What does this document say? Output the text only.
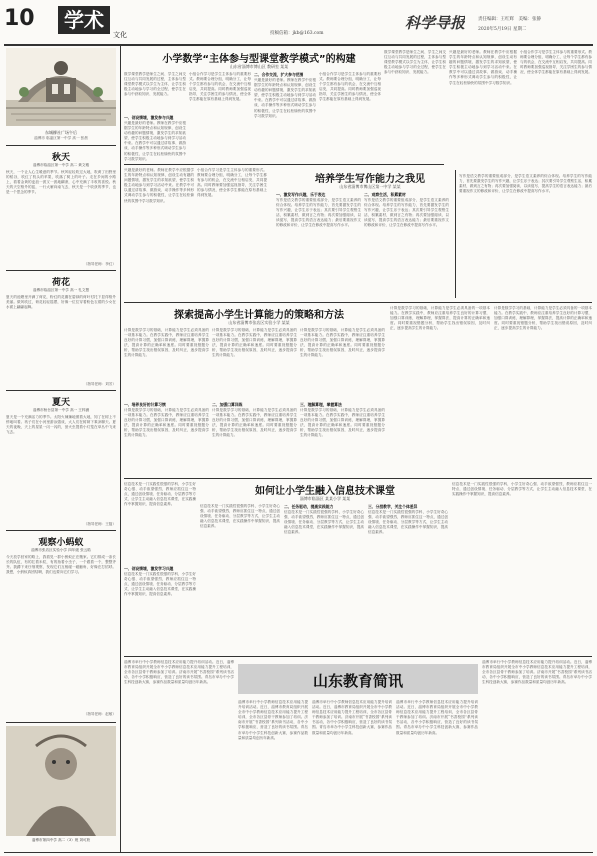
10	学术
文化	投稿信箱：jkb@163.com
科学导报	责任编辑：王红辉　美编：张静
2020年5月19日 星期二
东城柳社广场午后
淄博市 临淄区第一中学 高一 张晨
秋天
淄博市临淄区第一中学 高二 黄文雅
秋天，一个让人心生暖意的季节。秋风轻轻吹过大地，吹黄了田野里的稻谷，吹红了枝头的苹果，吹落了树上的叶子。走在乡间的小路上，看着金黄的麦浪一波又一波地翻滚，心中充满了丰收的喜悦。秋天的天空格外的蓝，一行大雁向南飞去，秋天是一个收获的季节，也是一个思念的季节。
（指导老师：李红）
荷花
淄博市临淄区第一中学 高一 孔文慧
夏天的池塘里开满了荷花，粉红的花瓣在碧绿的荷叶衬托下显得格外美丽。微风吹过，荷花轻轻摇摆，好像一位位穿着粉色衣裙的少女在水面上翩翩起舞。
（指导老师：刘芳）
夏天
淄博市桓台县第一中学 高一 王梓涵
夏天是一个充满活力的季节。太阳火辣辣地照着大地，知了在树上不停地叫着。孩子们在小河里游泳嬉戏，大人们在树荫下乘凉聊天。夏天的夜晚，天上的星星一闪一闪的，萤火虫提着小灯笼在草丛中飞来飞去。
（指导老师：王磊）
观察小蚂蚁
淄博市张店区实验小学 四年级 张云皓
今天放学回家的路上，我看见一群小蚂蚁正在搬家。它们排成一条长长的队伍，有的扛着米粒，有的抬着小虫子，一个跟着一个，整整齐齐。我蹲下来仔细观察，发现它们互相碰一碰触角，好像在打招呼。我想，小蚂蚁真团结啊，我们也要向它们学习。
（指导老师：赵敏）
淄博市第四中学 高二（3）班 刘可欣
小学数学“主体参与型课堂教学模式”的构建
山东省淄博市博山区 教研室 某某
数学课堂教学是师生之间、学生之间交往互动与共同发展的过程，主体参与型课堂教学模式以学生为主体，让学生积极主动地参与学习的全过程，使学生在参与中获取知识、发展能力。
一、创设情境，激发参与兴趣
兴趣是最好的老师。教师在教学中应根据学生的年龄特点和认知规律，创设生动有趣的问题情境，激发学生的求知欲望，使学生积极主动地参与到学习活动中来。在教学中可以通过讲故事、做游戏、动手操作等多种形式调动学生参与的积极性，让学生在轻松愉快的氛围中学习数学知识。
小组合作学习是学生主体参与的重要形式。教师要合理分组，明确分工，让每个学生都有参与的机会，在交流中互相启发，共同提高。同时教师要加强巡视指导，关注学困生的参与情况，使全体学生都能在原有基础上得到发展。
二、合作交流，扩大参与范围
兴趣是最好的老师。教师在教学中应根据学生的年龄特点和认知规律，创设生动有趣的问题情境，激发学生的求知欲望，使学生积极主动地参与到学习活动中来。在教学中可以通过讲故事、做游戏、动手操作等多种形式调动学生参与的积极性，让学生在轻松愉快的氛围中学习数学知识。
小组合作学习是学生主体参与的重要形式。教师要合理分组，明确分工，让每个学生都有参与的机会，在交流中互相启发，共同提高。同时教师要加强巡视指导，关注学困生的参与情况，使全体学生都能在原有基础上得到发展。
数学课堂教学是师生之间、学生之间交往互动与共同发展的过程，主体参与型课堂教学模式以学生为主体，让学生积极主动地参与学习的全过程，使学生在参与中获取知识、发展能力。
兴趣是最好的老师。教师在教学中应根据学生的年龄特点和认知规律，创设生动有趣的问题情境，激发学生的求知欲望，使学生积极主动地参与到学习活动中来。在教学中可以通过讲故事、做游戏、动手操作等多种形式调动学生参与的积极性，让学生在轻松愉快的氛围中学习数学知识。
小组合作学习是学生主体参与的重要形式。教师要合理分组，明确分工，让每个学生都有参与的机会，在交流中互相启发，共同提高。同时教师要加强巡视指导，关注学困生的参与情况，使全体学生都能在原有基础上得到发展。
兴趣是最好的老师。教师在教学中应根据学生的年龄特点和认知规律，创设生动有趣的问题情境，激发学生的求知欲望，使学生积极主动地参与到学习活动中来。在教学中可以通过讲故事、做游戏、动手操作等多种形式调动学生参与的积极性，让学生在轻松愉快的氛围中学习数学知识。
小组合作学习是学生主体参与的重要形式。教师要合理分组，明确分工，让每个学生都有参与的机会，在交流中互相启发，共同提高。同时教师要加强巡视指导，关注学困生的参与情况，使全体学生都能在原有基础上得到发展。
培养学生写作能力之我见
山东省淄博市博山区第一中学 某某
一、激发写作兴趣，乐于表达
写作是语文教学的重要组成部分，是学生语文素养的综合体现。培养学生的写作能力，首先要激发学生的写作兴趣，让学生乐于表达；其次要引导学生观察生活，积累素材，做到言之有物；再次要加强阅读，以读促写，提高学生的语言表达能力；最后要重视作文的修改和评价，让学生在修改中提高写作水平。
二、观察生活，积累素材
写作是语文教学的重要组成部分，是学生语文素养的综合体现。培养学生的写作能力，首先要激发学生的写作兴趣，让学生乐于表达；其次要引导学生观察生活，积累素材，做到言之有物；再次要加强阅读，以读促写，提高学生的语言表达能力；最后要重视作文的修改和评价，让学生在修改中提高写作水平。
写作是语文教学的重要组成部分，是学生语文素养的综合体现。培养学生的写作能力，首先要激发学生的写作兴趣，让学生乐于表达；其次要引导学生观察生活，积累素材，做到言之有物；再次要加强阅读，以读促写，提高学生的语言表达能力；最后要重视作文的修改和评价，让学生在修改中提高写作水平。
探索提高小学生计算能力的策略和方法
山东省淄博市张店区实验小学 某某
计算是数学学习的基础，计算能力是学生必须具备的一项基本能力。在教学实践中，教师应注重培养学生良好的计算习惯，加强口算训练，理解算理，掌握算法，提高计算的正确率和速度。同时要重视错题分析，帮助学生找出错误原因，及时纠正，逐步提高学生的计算能力。
计算是数学学习的基础，计算能力是学生必须具备的一项基本能力。在教学实践中，教师应注重培养学生良好的计算习惯，加强口算训练，理解算理，掌握算法，提高计算的正确率和速度。同时要重视错题分析，帮助学生找出错误原因，及时纠正，逐步提高学生的计算能力。
计算是数学学习的基础，计算能力是学生必须具备的一项基本能力。在教学实践中，教师应注重培养学生良好的计算习惯，加强口算训练，理解算理，掌握算法，提高计算的正确率和速度。同时要重视错题分析，帮助学生找出错误原因，及时纠正，逐步提高学生的计算能力。
一、培养良好的计算习惯
计算是数学学习的基础，计算能力是学生必须具备的一项基本能力。在教学实践中，教师应注重培养学生良好的计算习惯，加强口算训练，理解算理，掌握算法，提高计算的正确率和速度。同时要重视错题分析，帮助学生找出错误原因，及时纠正，逐步提高学生的计算能力。
二、加强口算训练
计算是数学学习的基础，计算能力是学生必须具备的一项基本能力。在教学实践中，教师应注重培养学生良好的计算习惯，加强口算训练，理解算理，掌握算法，提高计算的正确率和速度。同时要重视错题分析，帮助学生找出错误原因，及时纠正，逐步提高学生的计算能力。
三、理解算理，掌握算法
计算是数学学习的基础，计算能力是学生必须具备的一项基本能力。在教学实践中，教师应注重培养学生良好的计算习惯，加强口算训练，理解算理，掌握算法，提高计算的正确率和速度。同时要重视错题分析，帮助学生找出错误原因，及时纠正，逐步提高学生的计算能力。
计算是数学学习的基础，计算能力是学生必须具备的一项基本能力。在教学实践中，教师应注重培养学生良好的计算习惯，加强口算训练，理解算理，掌握算法，提高计算的正确率和速度。同时要重视错题分析，帮助学生找出错误原因，及时纠正，逐步提高学生的计算能力。
计算是数学学习的基础，计算能力是学生必须具备的一项基本能力。在教学实践中，教师应注重培养学生良好的计算习惯，加强口算训练，理解算理，掌握算法，提高计算的正确率和速度。同时要重视错题分析，帮助学生找出错误原因，及时纠正，逐步提高学生的计算能力。
如何让小学生融入信息技术课堂
淄博市临淄区 某某小学 某某
信息技术是一门实践性很强的学科，小学生好奇心强、动手欲望强烈，教师应抓住这一特点，通过创设情境、任务驱动、分层教学等方式，让学生主动融入信息技术课堂，在实践操作中掌握知识，提高信息素养。
一、创设情境，激发学习兴趣
信息技术是一门实践性很强的学科，小学生好奇心强、动手欲望强烈，教师应抓住这一特点，通过创设情境、任务驱动、分层教学等方式，让学生主动融入信息技术课堂，在实践操作中掌握知识，提高信息素养。
信息技术是一门实践性很强的学科，小学生好奇心强、动手欲望强烈，教师应抓住这一特点，通过创设情境、任务驱动、分层教学等方式，让学生主动融入信息技术课堂，在实践操作中掌握知识，提高信息素养。
二、任务驱动，提高实践能力
信息技术是一门实践性很强的学科，小学生好奇心强、动手欲望强烈，教师应抓住这一特点，通过创设情境、任务驱动、分层教学等方式，让学生主动融入信息技术课堂，在实践操作中掌握知识，提高信息素养。
三、分层教学，关注个体差异
信息技术是一门实践性很强的学科，小学生好奇心强、动手欲望强烈，教师应抓住这一特点，通过创设情境、任务驱动、分层教学等方式，让学生主动融入信息技术课堂，在实践操作中掌握知识，提高信息素养。
信息技术是一门实践性很强的学科，小学生好奇心强、动手欲望强烈，教师应抓住这一特点，通过创设情境、任务驱动、分层教学等方式，让学生主动融入信息技术课堂，在实践操作中掌握知识，提高信息素养。
淄博市举行中小学教师信息技术应用能力提升培训活动。近日，淄博市教育局组织开展全市中小学教师信息技术应用能力提升工程培训，全市各区县骨干教师参加了培训。济南市开展“书香校园”系列读书活动，各中小学积极响应，营造了良好的读书氛围。青岛市举办中小学生科技创新大赛，参赛作品数量和质量均创历年新高。
淄博市举行中小学教师信息技术应用能力提升培训活动。近日，淄博市教育局组织开展全市中小学教师信息技术应用能力提升工程培训，全市各区县骨干教师参加了培训。济南市开展“书香校园”系列读书活动，各中小学积极响应，营造了良好的读书氛围。青岛市举办中小学生科技创新大赛，参赛作品数量和质量均创历年新高。
山东教育简讯
淄博市举行中小学教师信息技术应用能力提升培训活动。近日，淄博市教育局组织开展全市中小学教师信息技术应用能力提升工程培训，全市各区县骨干教师参加了培训。济南市开展“书香校园”系列读书活动，各中小学积极响应，营造了良好的读书氛围。青岛市举办中小学生科技创新大赛，参赛作品数量和质量均创历年新高。
淄博市举行中小学教师信息技术应用能力提升培训活动。近日，淄博市教育局组织开展全市中小学教师信息技术应用能力提升工程培训，全市各区县骨干教师参加了培训。济南市开展“书香校园”系列读书活动，各中小学积极响应，营造了良好的读书氛围。青岛市举办中小学生科技创新大赛，参赛作品数量和质量均创历年新高。
淄博市举行中小学教师信息技术应用能力提升培训活动。近日，淄博市教育局组织开展全市中小学教师信息技术应用能力提升工程培训，全市各区县骨干教师参加了培训。济南市开展“书香校园”系列读书活动，各中小学积极响应，营造了良好的读书氛围。青岛市举办中小学生科技创新大赛，参赛作品数量和质量均创历年新高。
